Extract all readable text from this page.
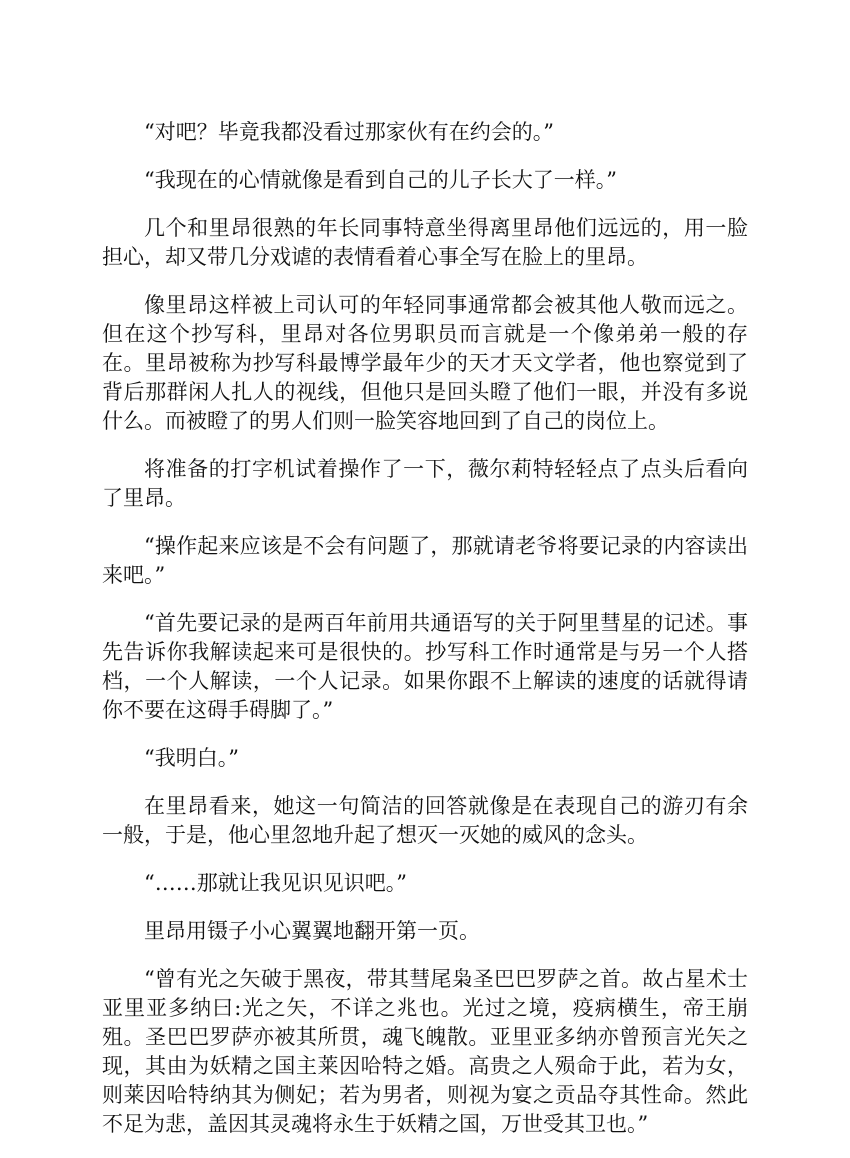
“对吧？毕竟我都没看过那家伙有在约会的。”

“我现在的心情就像是看到自己的儿子长大了一样。”

几个和里昂很熟的年长同事特意坐得离里昂他们远远的，用一脸担心，却又带几分戏谑的表情看着心事全写在脸上的里昂。

像里昂这样被上司认可的年轻同事通常都会被其他人敬而远之。但在这个抄写科，里昂对各位男职员而言就是一个像弟弟一般的存在。里昂被称为抄写科最博学最年少的天才天文学者，他也察觉到了背后那群闲人扎人的视线，但他只是回头瞪了他们一眼，并没有多说什么。而被瞪了的男人们则一脸笑容地回到了自己的岗位上。

将准备的打字机试着操作了一下，薇尔莉特轻轻点了点头后看向了里昂。

“操作起来应该是不会有问题了，那就请老爷将要记录的内容读出来吧。”

“首先要记录的是两百年前用共通语写的关于阿里彗星的记述。事先告诉你我解读起来可是很快的。抄写科工作时通常是与另一个人搭档，一个人解读，一个人记录。如果你跟不上解读的速度的话就得请你不要在这碍手碍脚了。”

“我明白。”

在里昂看来，她这一句简洁的回答就像是在表现自己的游刃有余一般，于是，他心里忽地升起了想灭一灭她的威风的念头。

“……那就让我见识见识吧。”

里昂用镊子小心翼翼地翻开第一页。

“曾有光之矢破于黑夜，带其彗尾枭圣巴巴罗萨之首。故占星术士亚里亚多纳曰:光之矢，不详之兆也。光过之境，疫病横生，帝王崩殂。圣巴巴罗萨亦被其所贯，魂飞魄散。亚里亚多纳亦曾预言光矢之现，其由为妖精之国主莱因哈特之婚。高贵之人殒命于此，若为女，则莱因哈特纳其为侧妃；若为男者，则视为宴之贡品夺其性命。然此不足为悲，盖因其灵魂将永生于妖精之国，万世受其卫也。”
